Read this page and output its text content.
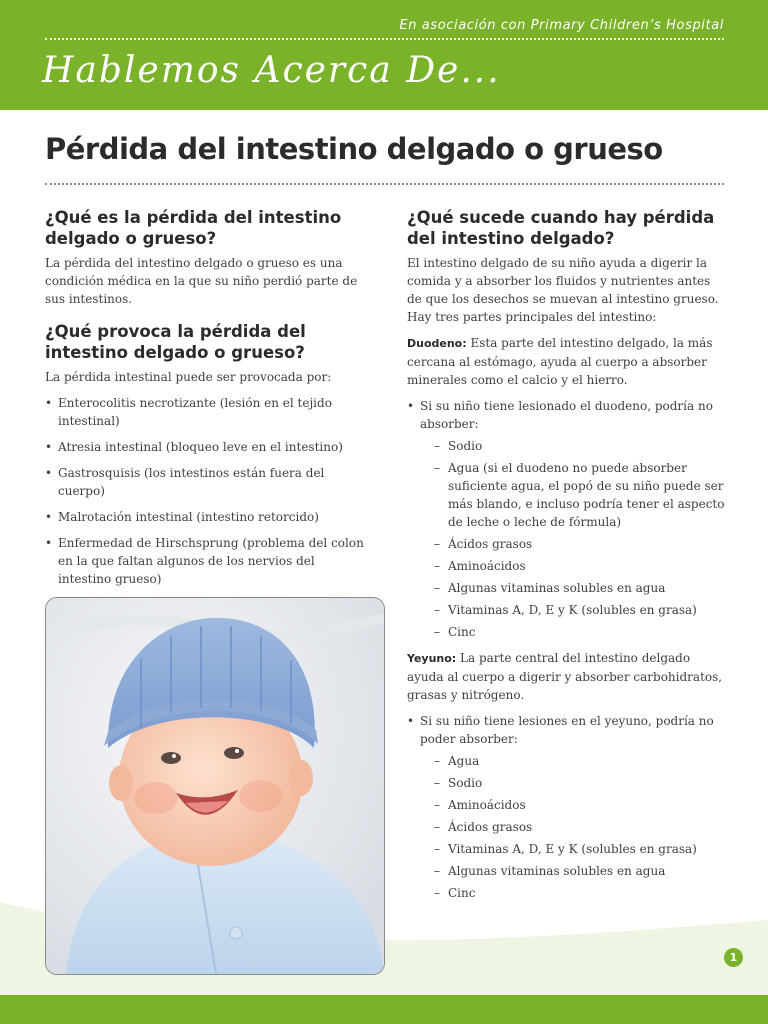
En asociación con Primary Children’s Hospital
Hablemos Acerca De...
Pérdida del intestino delgado o grueso
¿Qué es la pérdida del intestino delgado o grueso?

La pérdida del intestino delgado o grueso es una condición médica en la que su niño perdió parte de sus intestinos.

¿Qué provoca la pérdida del intestino delgado o grueso?

La pérdida intestinal puede ser provocada por:

• Enterocolitis necrotizante (lesión en el tejido intestinal)
• Atresia intestinal (bloqueo leve en el intestino)
• Gastrosquisis (los intestinos están fuera del cuerpo)
• Malrotación intestinal (intestino retorcido)
• Enfermedad de Hirschsprung (problema del colon en la que faltan algunos de los nervios del intestino grueso)

¿Qué sucede cuando hay pérdida del intestino delgado?

El intestino delgado de su niño ayuda a digerir la comida y a absorber los fluidos y nutrientes antes de que los desechos se muevan al intestino grueso. Hay tres partes principales del intestino:

Duodeno: Esta parte del intestino delgado, la más cercana al estómago, ayuda al cuerpo a absorber minerales como el calcio y el hierro.

• Si su niño tiene lesionado el duodeno, podría no absorber:
– Sodio
– Agua (si el duodeno no puede absorber suficiente agua, el popó de su niño puede ser más blando, e incluso podría tener el aspecto de leche o leche de fórmula)
– Ácidos grasos
– Aminoácidos
– Algunas vitaminas solubles en agua
– Vitaminas A, D, E y K (solubles en grasa)
– Cinc

Yeyuno: La parte central del intestino delgado ayuda al cuerpo a digerir y absorber carbohidratos, grasas y nitrógeno.

• Si su niño tiene lesiones en el yeyuno, podría no poder absorber:
– Agua
– Sodio
– Aminoácidos
– Ácidos grasos
– Vitaminas A, D, E y K (solubles en grasa)
– Algunas vitaminas solubles en agua
– Cinc
1
